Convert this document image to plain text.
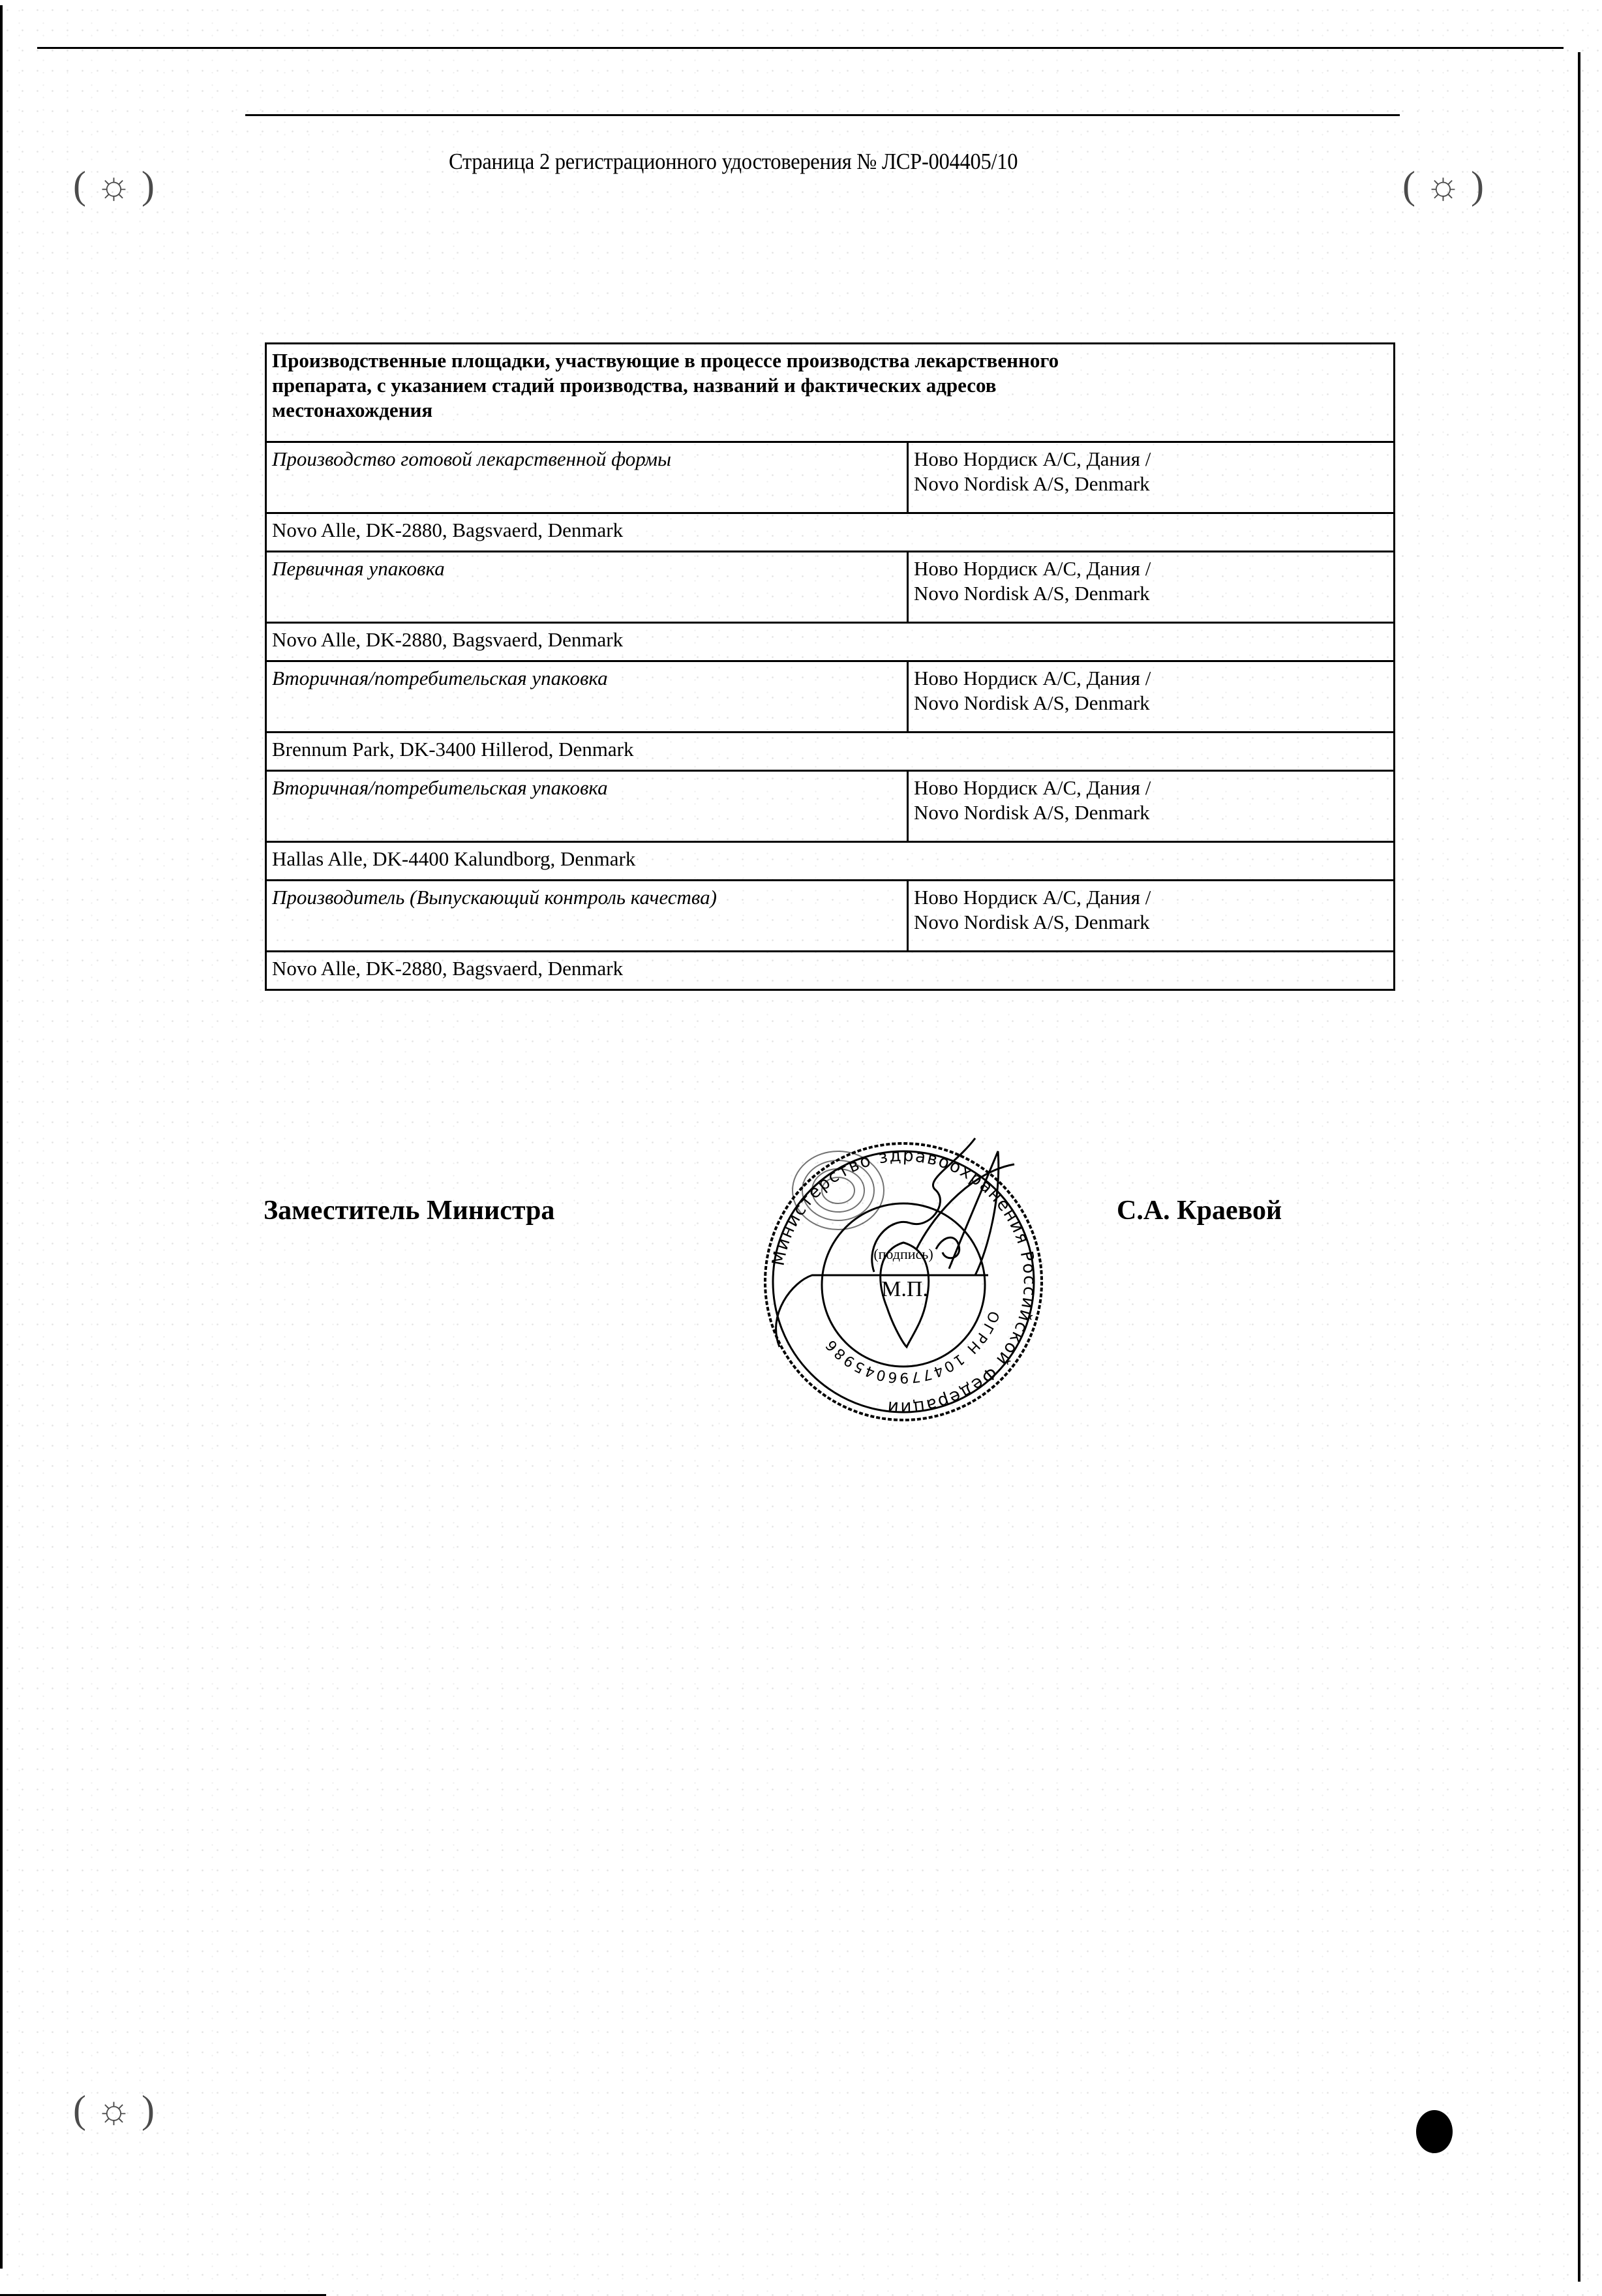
( ☼ )	( ☼ )
( ☼ )
Страница 2 регистрационного удостоверения № ЛСР-004405/10
Производственные площадки, участвующие в процессе производства лекарственного
препарата, с указанием стадий производства, названий и фактических адресов
местонахождения	

Производство готовой лекарственной формы	Ново Нордиск А/С, Дания /
Novo Nordisk A/S, Denmark

Novo Alle, DK-2880, Bagsvaerd, Denmark	
Первичная упаковка	Ново Нордиск А/С, Дания /
Novo Nordisk A/S, Denmark

Novo Alle, DK-2880, Bagsvaerd, Denmark	
Вторичная/потребительская упаковка	Ново Нордиск А/С, Дания /
Novo Nordisk A/S, Denmark

Brennum Park, DK-3400 Hillerod, Denmark	
Вторичная/потребительская упаковка	Ново Нордиск А/С, Дания /
Novo Nordisk A/S, Denmark

Hallas Alle, DK-4400 Kalundborg, Denmark	
Производитель (Выпускающий контроль качества)	Ново Нордиск А/С, Дания /
Novo Nordisk A/S, Denmark

Novo Alle, DK-2880, Bagsvaerd, Denmark	
Заместитель Министра	С.А. Краевой
Министерство здравоохранения Российской Федерации
ОГРН 1047796045986
(подпись)
М.П.
